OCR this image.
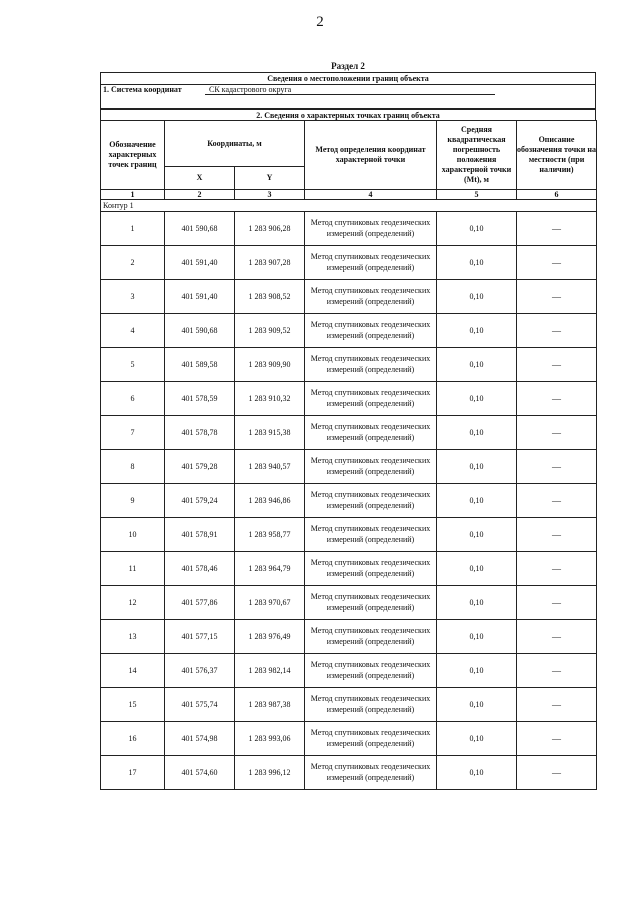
2
Раздел 2
Сведения о местоположении границ объекта
1. Система координат	СК кадастрового округа
2. Сведения о характерных точках границ объекта
Обозначение характерных точек границ	Координаты, м		Метод определения координат характерной точки	Средняя квадратическая погрешность положения характерной точки (Mt), м	Описание обозначения точки на местности (при наличии)
	X	Y			
1	2	3	4	5	6
Контур 1					
1	401 590,68	1 283 906,28	Метод спутниковых геодезических измерений (определений)	0,10	—
2	401 591,40	1 283 907,28	Метод спутниковых геодезических измерений (определений)	0,10	—
3	401 591,40	1 283 908,52	Метод спутниковых геодезических измерений (определений)	0,10	—
4	401 590,68	1 283 909,52	Метод спутниковых геодезических измерений (определений)	0,10	—
5	401 589,58	1 283 909,90	Метод спутниковых геодезических измерений (определений)	0,10	—
6	401 578,59	1 283 910,32	Метод спутниковых геодезических измерений (определений)	0,10	—
7	401 578,78	1 283 915,38	Метод спутниковых геодезических измерений (определений)	0,10	—
8	401 579,28	1 283 940,57	Метод спутниковых геодезических измерений (определений)	0,10	—
9	401 579,24	1 283 946,86	Метод спутниковых геодезических измерений (определений)	0,10	—
10	401 578,91	1 283 958,77	Метод спутниковых геодезических измерений (определений)	0,10	—
11	401 578,46	1 283 964,79	Метод спутниковых геодезических измерений (определений)	0,10	—
12	401 577,86	1 283 970,67	Метод спутниковых геодезических измерений (определений)	0,10	—
13	401 577,15	1 283 976,49	Метод спутниковых геодезических измерений (определений)	0,10	—
14	401 576,37	1 283 982,14	Метод спутниковых геодезических измерений (определений)	0,10	—
15	401 575,74	1 283 987,38	Метод спутниковых геодезических измерений (определений)	0,10	—
16	401 574,98	1 283 993,06	Метод спутниковых геодезических измерений (определений)	0,10	—
17	401 574,60	1 283 996,12	Метод спутниковых геодезических измерений (определений)	0,10	—
